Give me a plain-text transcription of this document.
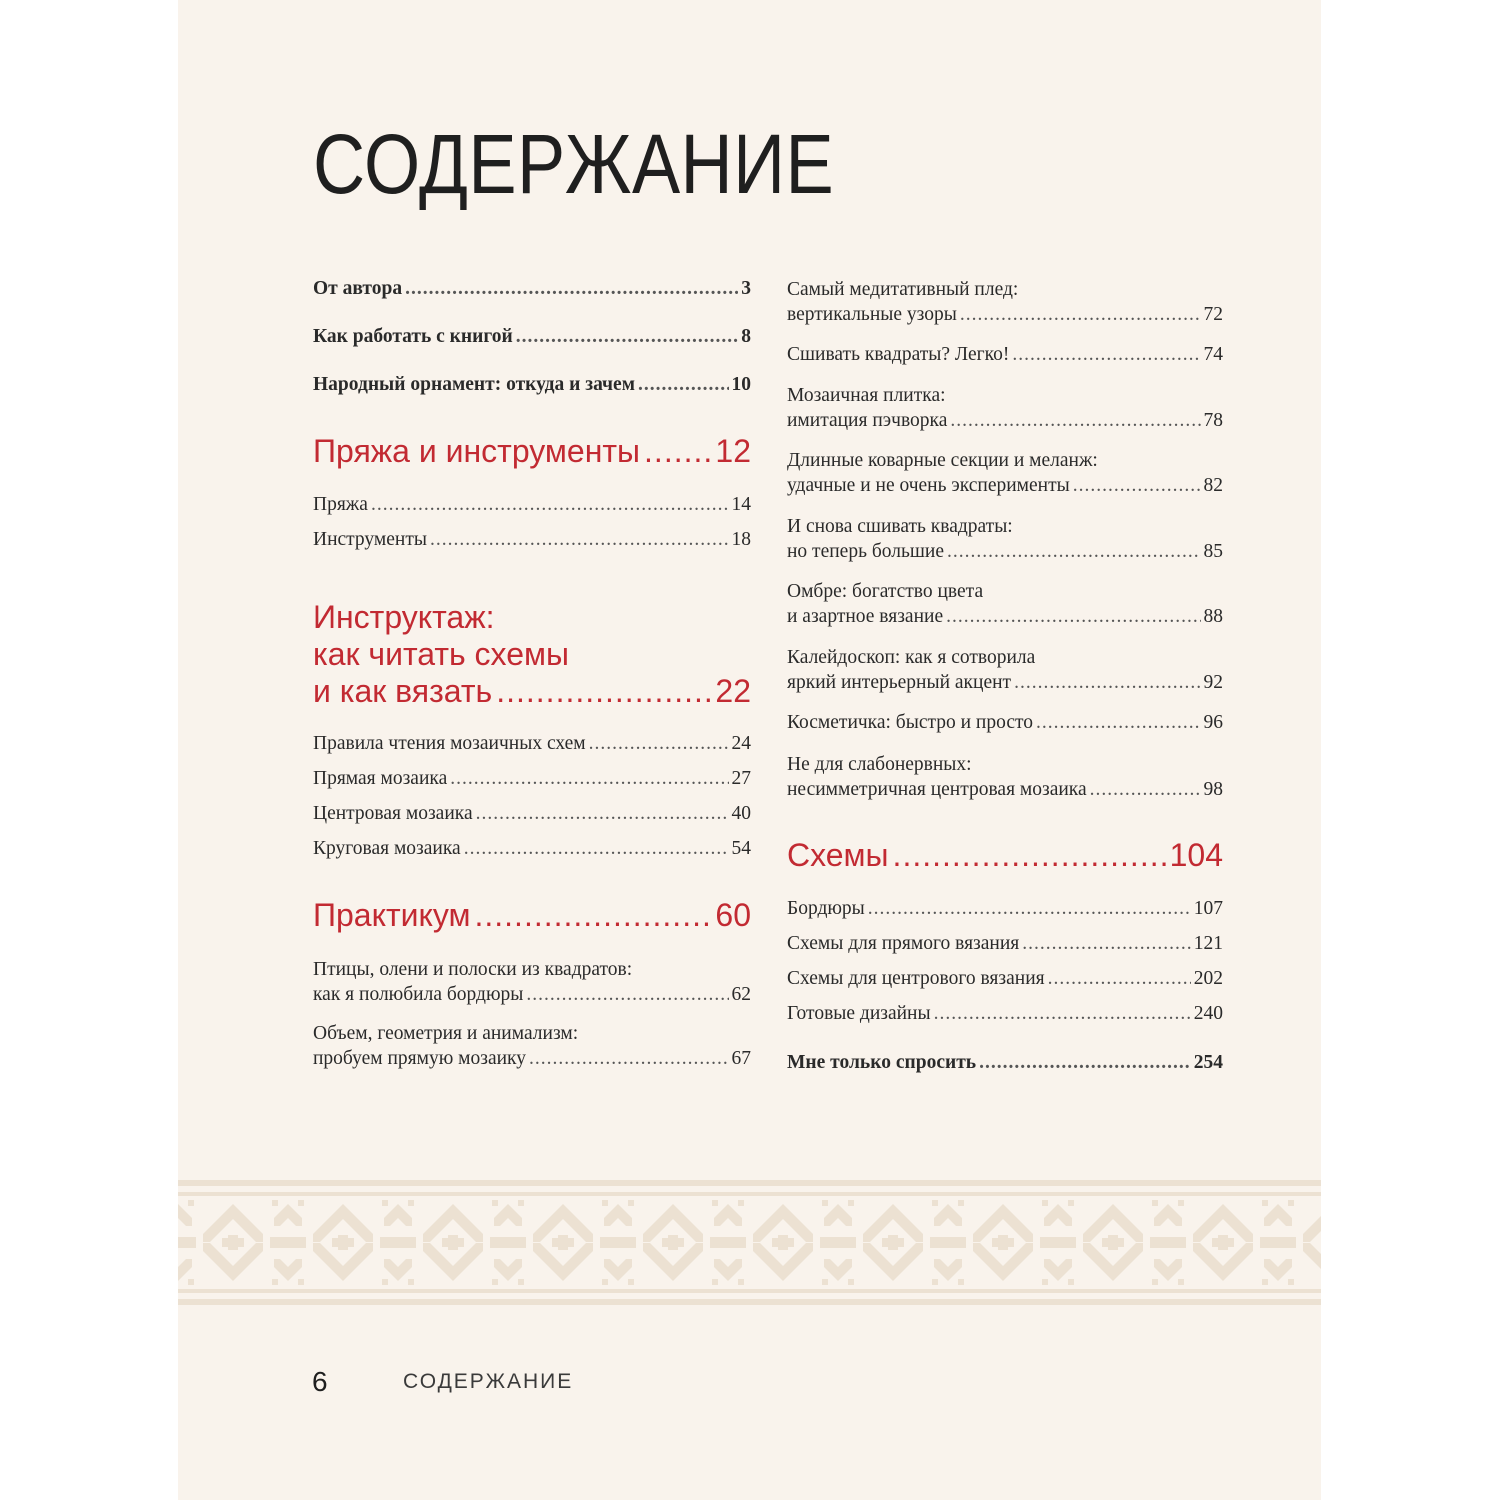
СОДЕРЖАНИЕ
От автора .....	3
Как работать с книгой .....	8
Народный орнамент: откуда и зачем .....	10
Пряжа и инструменты ..... 12
Пряжа .....	14
Инструменты .....	18
Инструктаж:
как читать схемы
и как вязать .....	22
Правила чтения мозаичных схем .....	24
Прямая мозаика .....	27
Центровая мозаика .....	40
Круговая мозаика .....	54
Практикум .....	60
Птицы, олени и полоски из квадратов:
как я полюбила бордюры .....	62
Объем, геометрия и анимализм:
пробуем прямую мозаику .....	67
Самый медитативный плед:
вертикальные узоры .....	72
Сшивать квадраты? Легко! .....	74
Мозаичная плитка:
имитация пэчворка .....	78
Длинные коварные секции и меланж:
удачные и не очень эксперименты .....	82
И снова сшивать квадраты:
но теперь большие .....	85
Омбре: богатство цвета
и азартное вязание .....	88
Калейдоскоп: как я сотворила
яркий интерьерный акцент .....	92
Косметичка: быстро и просто .....	96
Не для слабонервных:
несимметричная центровая мозаика .....	98
Схемы .....	104
Бордюры .....	107
Схемы для прямого вязания .....	121
Схемы для центрового вязания .....	202
Готовые дизайны .....	240
Мне только спросить .....	254
6	СОДЕРЖАНИЕ
